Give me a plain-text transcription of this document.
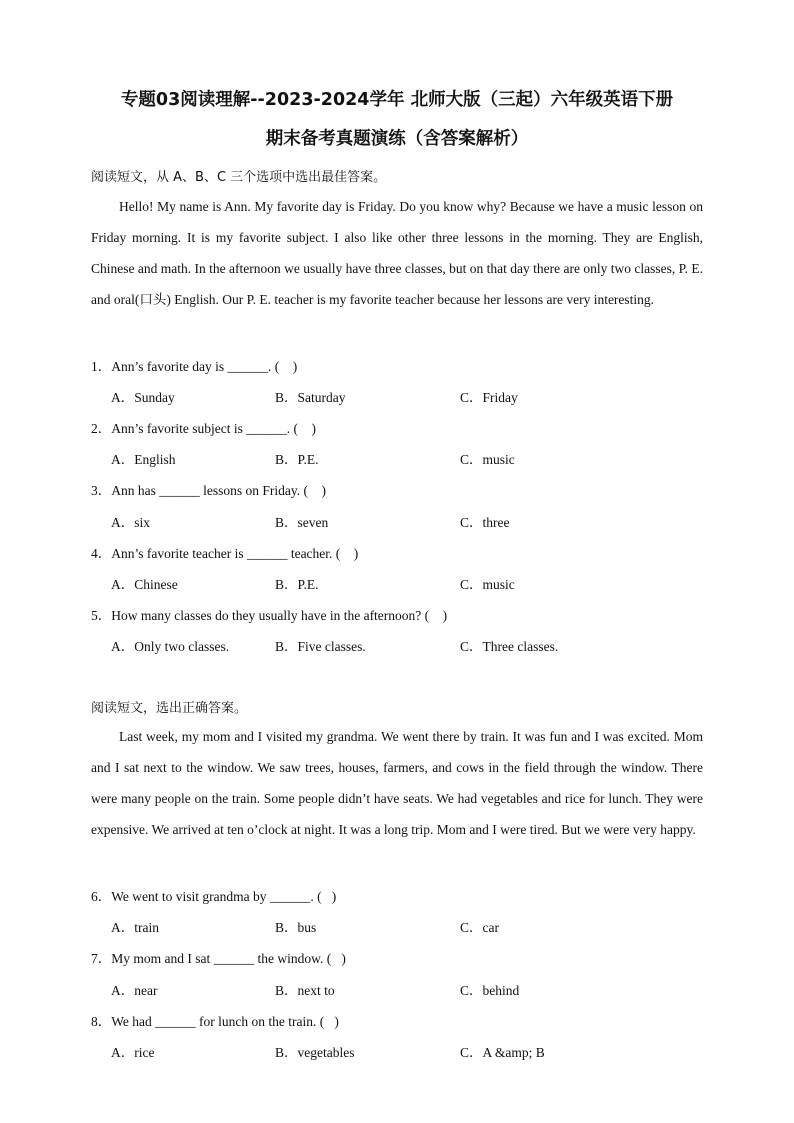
专题03阅读理解--2023-2024学年 北师大版（三起）六年级英语下册
期末备考真题演练（含答案解析）
阅读短文，从 A、B、C 三个选项中选出最佳答案。

Hello! My name is Ann. My favorite day is Friday. Do you know why? Because we have a music lesson on Friday morning. It is my favorite subject. I also like other three lessons in the morning. They are English, Chinese and math. In the afternoon we usually have three classes, but on that day there are only two classes, P. E. and oral(口头) English. Our P. E. teacher is my favorite teacher because her lessons are very interesting.

1．Ann’s favorite day is ______. (    )
A．Sunday	B．Saturday	C．Friday
2．Ann’s favorite subject is ______. (    )
A．English	B．P.E.	C．music
3．Ann has ______ lessons on Friday. (    )
A．six	B．seven	C．three
4．Ann’s favorite teacher is ______ teacher. (    )
A．Chinese	B．P.E.	C．music
5．How many classes do they usually have in the afternoon? (    )
A．Only two classes.	B．Five classes.	C．Three classes.
阅读短文，选出正确答案。

Last week, my mom and I visited my grandma. We went there by train. It was fun and I was excited. Mom and I sat next to the window. We saw trees, houses, farmers, and cows in the field through the window. There were many people on the train. Some people didn’t have seats. We had vegetables and rice for lunch. They were expensive. We arrived at ten o’clock at night. It was a long trip. Mom and I were tired. But we were very happy.

6．We went to visit grandma by ______. (   )
A．train	B．bus	C．car
7．My mom and I sat ______ the window. (   )
A．near	B．next to	C．behind
8．We had ______ for lunch on the train. (   )
A．rice	B．vegetables	C．A &amp; B
